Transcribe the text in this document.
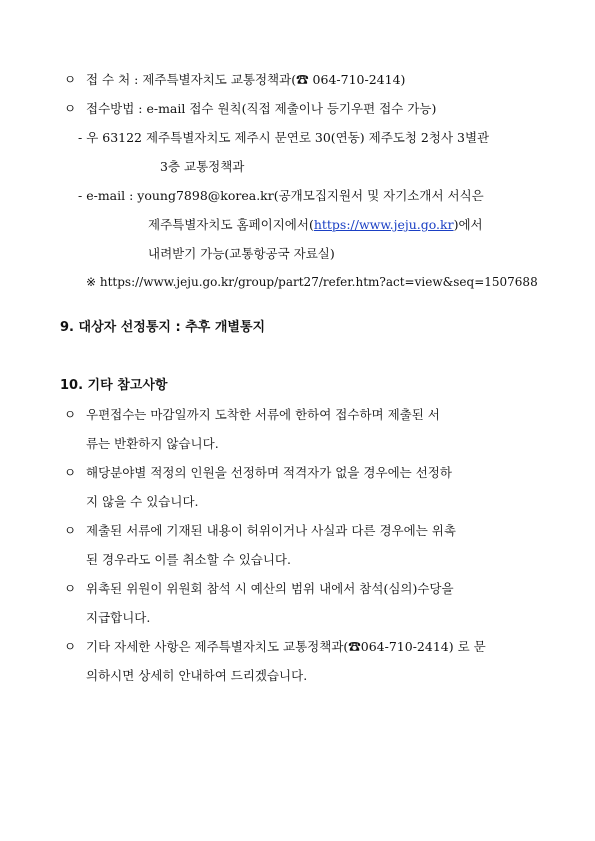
ㅇ 접 수 처 : 제주특별자치도 교통정책과(☎ 064-710-2414)
ㅇ 접수방법 : e-mail 접수 원칙(직접 제출이나 등기우편 접수 가능)
- 우 63122 제주특별자치도 제주시 문연로 30(연동) 제주도청 2청사 3별관
3층 교통정책과
- e-mail : young7898@korea.kr(공개모집지원서 및 자기소개서 서식은
제주특별자치도 홈페이지에서(https://www.jeju.go.kr)에서
내려받기 가능(교통항공국 자료실)
※ https://www.jeju.go.kr/group/part27/refer.htm?act=view&seq=1507688
9. 대상자 선정통지 : 추후 개별통지
10. 기타 참고사항
ㅇ 우편접수는 마감일까지 도착한 서류에 한하여 접수하며 제출된 서
류는 반환하지 않습니다.
ㅇ 해당분야별 적정의 인원을 선정하며 적격자가 없을 경우에는 선정하
지 않을 수 있습니다.
ㅇ 제출된 서류에 기재된 내용이 허위이거나 사실과 다른 경우에는 위촉
된 경우라도 이를 취소할 수 있습니다.
ㅇ 위촉된 위원이 위원회 참석 시 예산의 범위 내에서 참석(심의)수당을
지급합니다.
ㅇ 기타 자세한 사항은 제주특별자치도 교통정책과(☎064-710-2414) 로 문
의하시면 상세히 안내하여 드리겠습니다.
